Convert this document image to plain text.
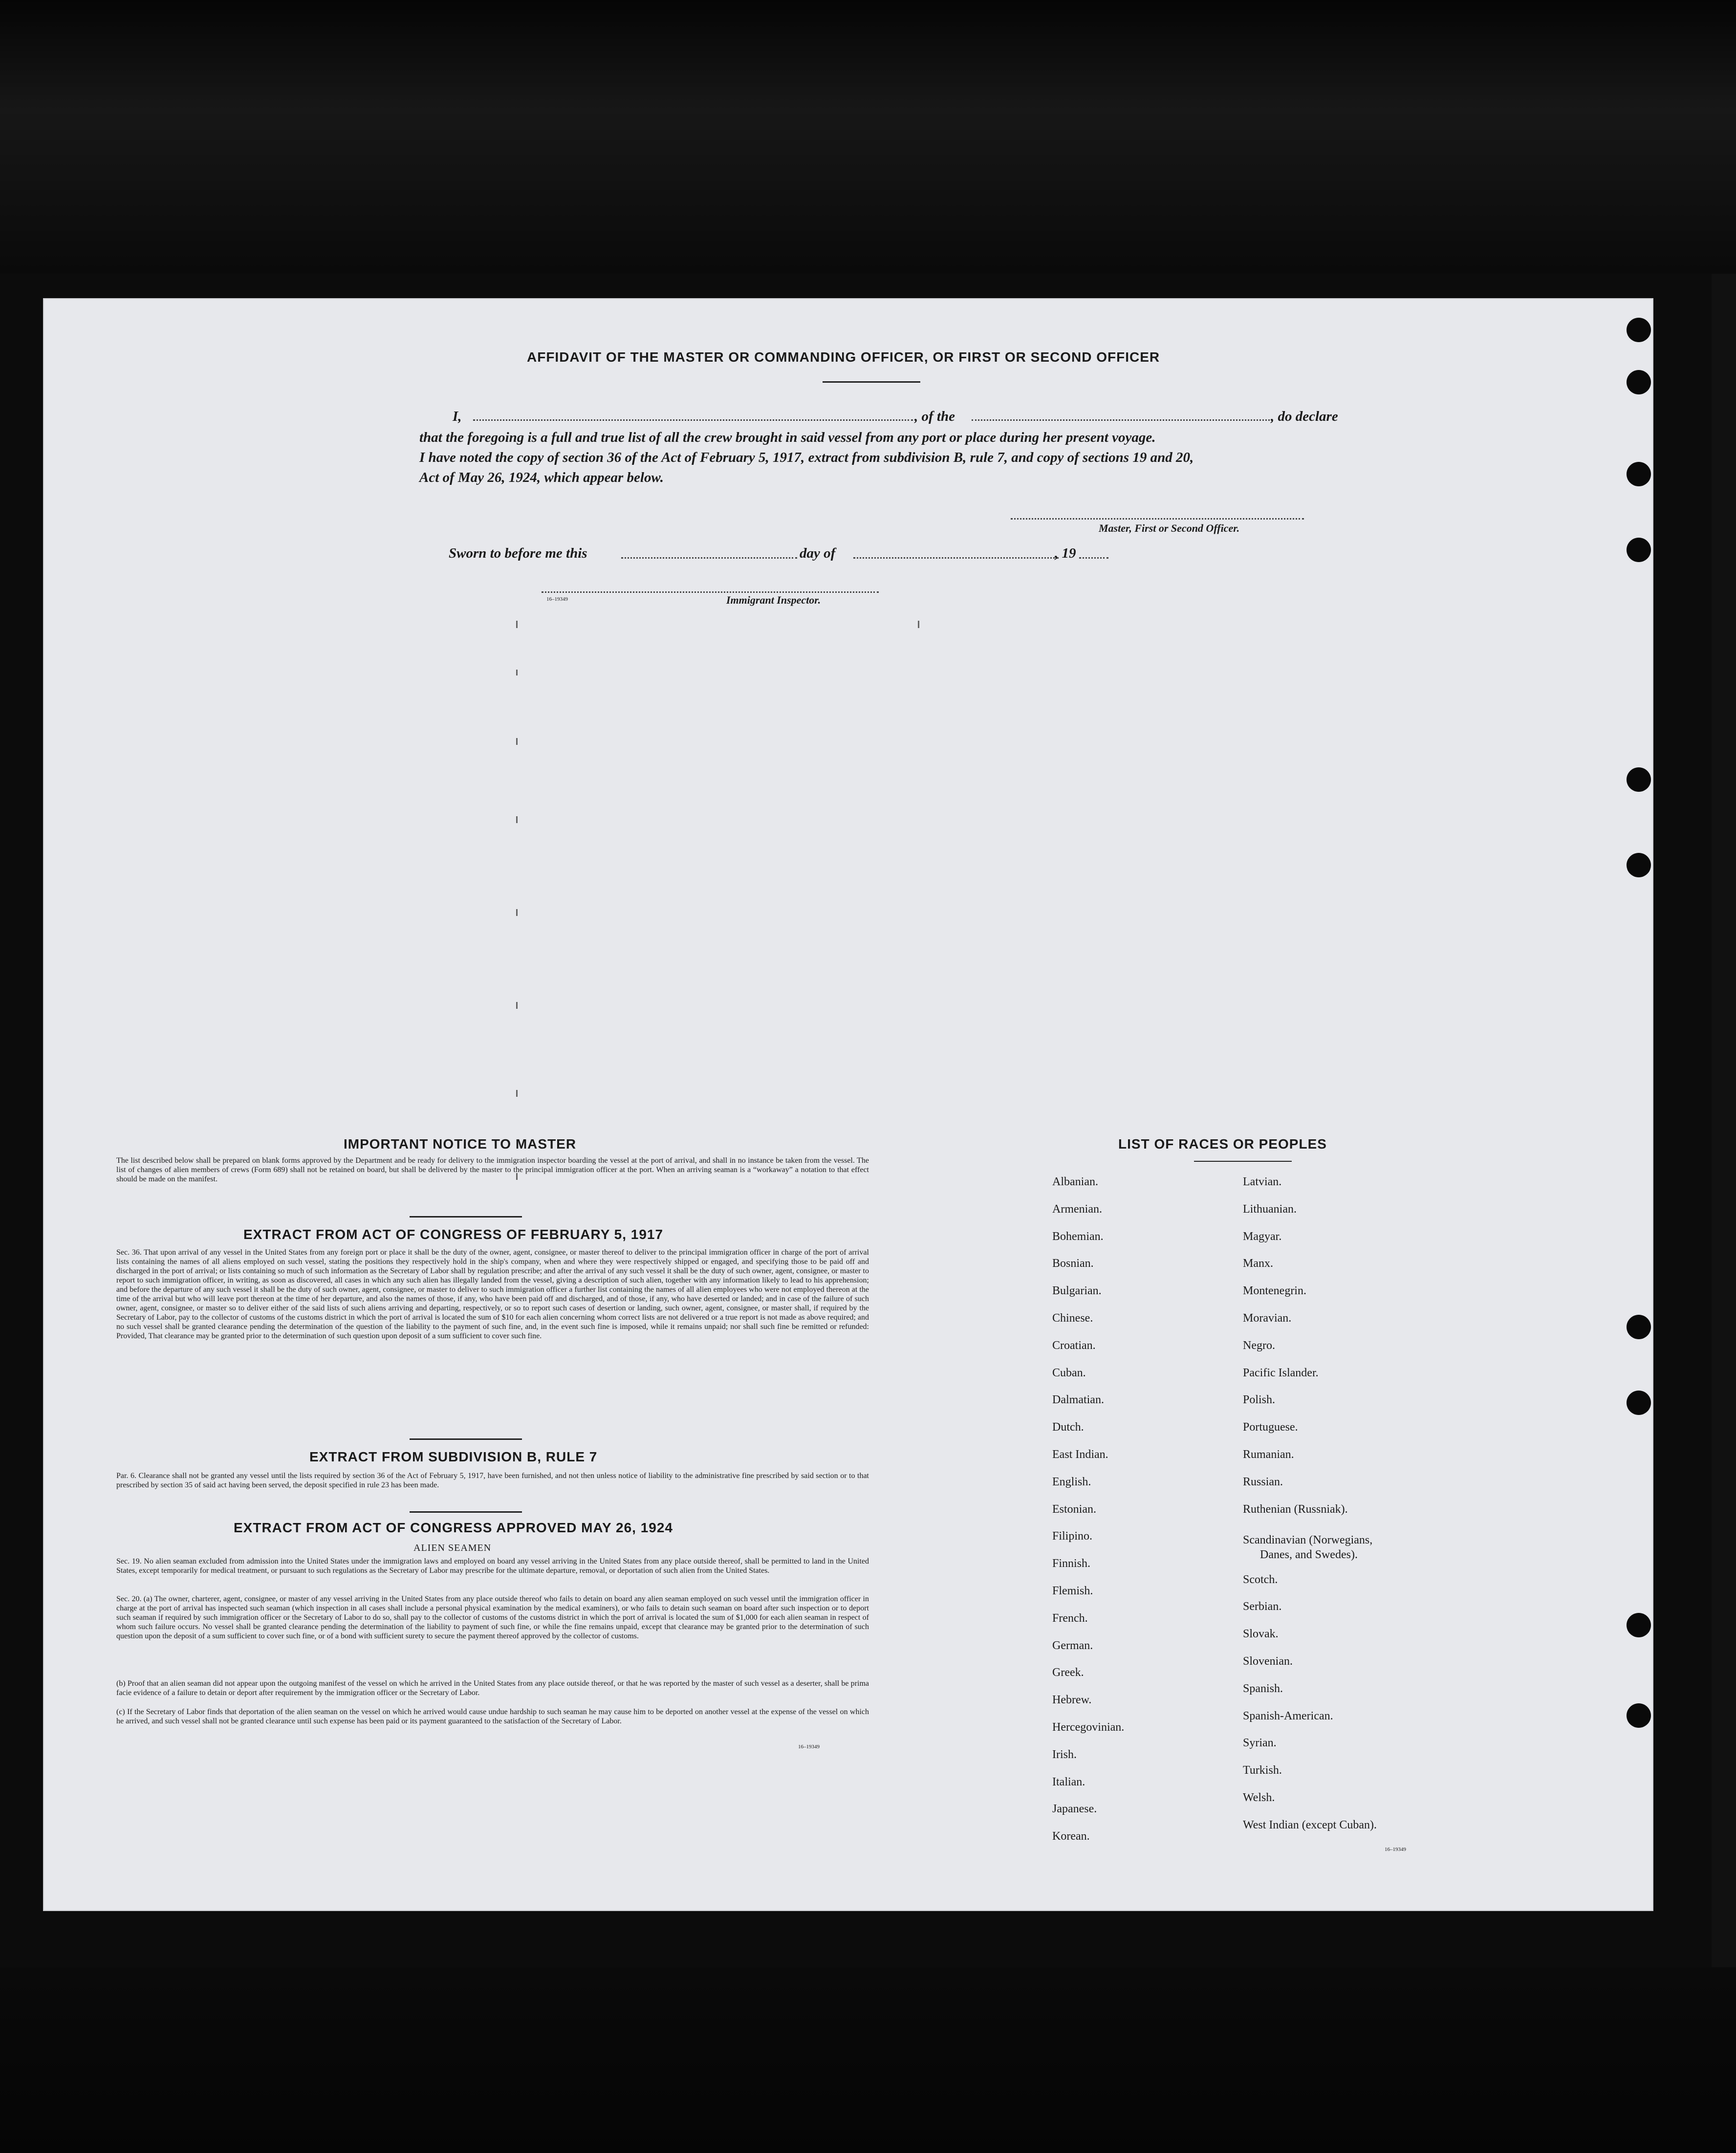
AFFIDAVIT OF THE MASTER OR COMMANDING OFFICER, OR FIRST OR SECOND OFFICER
I,	, of the	, do declare
that the foregoing is a full and true list of all the crew brought in said vessel from any port or place during her present voyage.
I have noted the copy of section 36 of the Act of February 5, 1917, extract from subdivision B, rule 7, and copy of sections 19 and 20,
Act of May 26, 1924, which appear below.
Master, First or Second Officer.
Sworn to before me this	day of	, 19
16–19349	Immigrant Inspector.
IMPORTANT NOTICE TO MASTER
The list described below shall be prepared on blank forms approved by the Department and be ready for delivery to the immigration inspector boarding the vessel at the port of arrival, and shall in no instance be taken from the vessel. The list of changes of alien members of crews (Form 689) shall not be retained on board, but shall be delivered by the master to the principal immigration officer at the port. When an arriving seaman is a “workaway” a notation to that effect should be made on the manifest.
EXTRACT FROM ACT OF CONGRESS OF FEBRUARY 5, 1917
Sec. 36. That upon arrival of any vessel in the United States from any foreign port or place it shall be the duty of the owner, agent, consignee, or master thereof to deliver to the principal immigration officer in charge of the port of arrival lists containing the names of all aliens employed on such vessel, stating the positions they respectively hold in the ship's company, when and where they were respectively shipped or engaged, and specifying those to be paid off and discharged in the port of arrival; or lists containing so much of such information as the Secretary of Labor shall by regulation prescribe; and after the arrival of any such vessel it shall be the duty of such owner, agent, consignee, or master to report to such immigration officer, in writing, as soon as discovered, all cases in which any such alien has illegally landed from the vessel, giving a description of such alien, together with any information likely to lead to his apprehension; and before the departure of any such vessel it shall be the duty of such owner, agent, consignee, or master to deliver to such immigration officer a further list containing the names of all alien employees who were not employed thereon at the time of the arrival but who will leave port thereon at the time of her departure, and also the names of those, if any, who have been paid off and discharged, and of those, if any, who have deserted or landed; and in case of the failure of such owner, agent, consignee, or master so to deliver either of the said lists of such aliens arriving and departing, respectively, or so to report such cases of desertion or landing, such owner, agent, consignee, or master shall, if required by the Secretary of Labor, pay to the collector of customs of the customs district in which the port of arrival is located the sum of $10 for each alien concerning whom correct lists are not delivered or a true report is not made as above required; and no such vessel shall be granted clearance pending the determination of the question of the liability to the payment of such fine, and, in the event such fine is imposed, while it remains unpaid; nor shall such fine be remitted or refunded: Provided, That clearance may be granted prior to the determination of such question upon deposit of a sum sufficient to cover such fine.
EXTRACT FROM SUBDIVISION B, RULE 7
Par. 6. Clearance shall not be granted any vessel until the lists required by section 36 of the Act of February 5, 1917, have been furnished, and not then unless notice of liability to the administrative fine prescribed by said section or to that prescribed by section 35 of said act having been served, the deposit specified in rule 23 has been made.
EXTRACT FROM ACT OF CONGRESS APPROVED MAY 26, 1924
ALIEN SEAMEN
Sec. 19. No alien seaman excluded from admission into the United States under the immigration laws and employed on board any vessel arriving in the United States from any place outside thereof, shall be permitted to land in the United States, except temporarily for medical treatment, or pursuant to such regulations as the Secretary of Labor may prescribe for the ultimate departure, removal, or deportation of such alien from the United States.
Sec. 20. (a) The owner, charterer, agent, consignee, or master of any vessel arriving in the United States from any place outside thereof who fails to detain on board any alien seaman employed on such vessel until the immigration officer in charge at the port of arrival has inspected such seaman (which inspection in all cases shall include a personal physical examination by the medical examiners), or who fails to detain such seaman on board after such inspection or to deport such seaman if required by such immigration officer or the Secretary of Labor to do so, shall pay to the collector of customs of the customs district in which the port of arrival is located the sum of $1,000 for each alien seaman in respect of whom such failure occurs. No vessel shall be granted clearance pending the determination of the liability to payment of such fine, or while the fine remains unpaid, except that clearance may be granted prior to the determination of such question upon the deposit of a sum sufficient to cover such fine, or of a bond with sufficient surety to secure the payment thereof approved by the collector of customs.
(b) Proof that an alien seaman did not appear upon the outgoing manifest of the vessel on which he arrived in the United States from any place outside thereof, or that he was reported by the master of such vessel as a deserter, shall be prima facie evidence of a failure to detain or deport after requirement by the immigration officer or the Secretary of Labor.
(c) If the Secretary of Labor finds that deportation of the alien seaman on the vessel on which he arrived would cause undue hardship to such seaman he may cause him to be deported on another vessel at the expense of the vessel on which he arrived, and such vessel shall not be granted clearance until such expense has been paid or its payment guaranteed to the satisfaction of the Secretary of Labor.
16–19349
LIST OF RACES OR PEOPLES
16–19349
Albanian.
Armenian.
Bohemian.
Bosnian.
Bulgarian.
Chinese.
Croatian.
Cuban.
Dalmatian.
Dutch.
East Indian.
English.
Estonian.
Filipino.
Finnish.
Flemish.
French.
German.
Greek.
Hebrew.
Hercegovinian.
Irish.
Italian.
Japanese.
Korean.
Latvian.
Lithuanian.
Magyar.
Manx.
Montenegrin.
Moravian.
Negro.
Pacific Islander.
Polish.
Portuguese.
Rumanian.
Russian.
Ruthenian (Russniak).
Scandinavian (Norwegians,
Danes, and Swedes).
Scotch.
Serbian.
Slovak.
Slovenian.
Spanish.
Spanish-American.
Syrian.
Turkish.
Welsh.
West Indian (except Cuban).
